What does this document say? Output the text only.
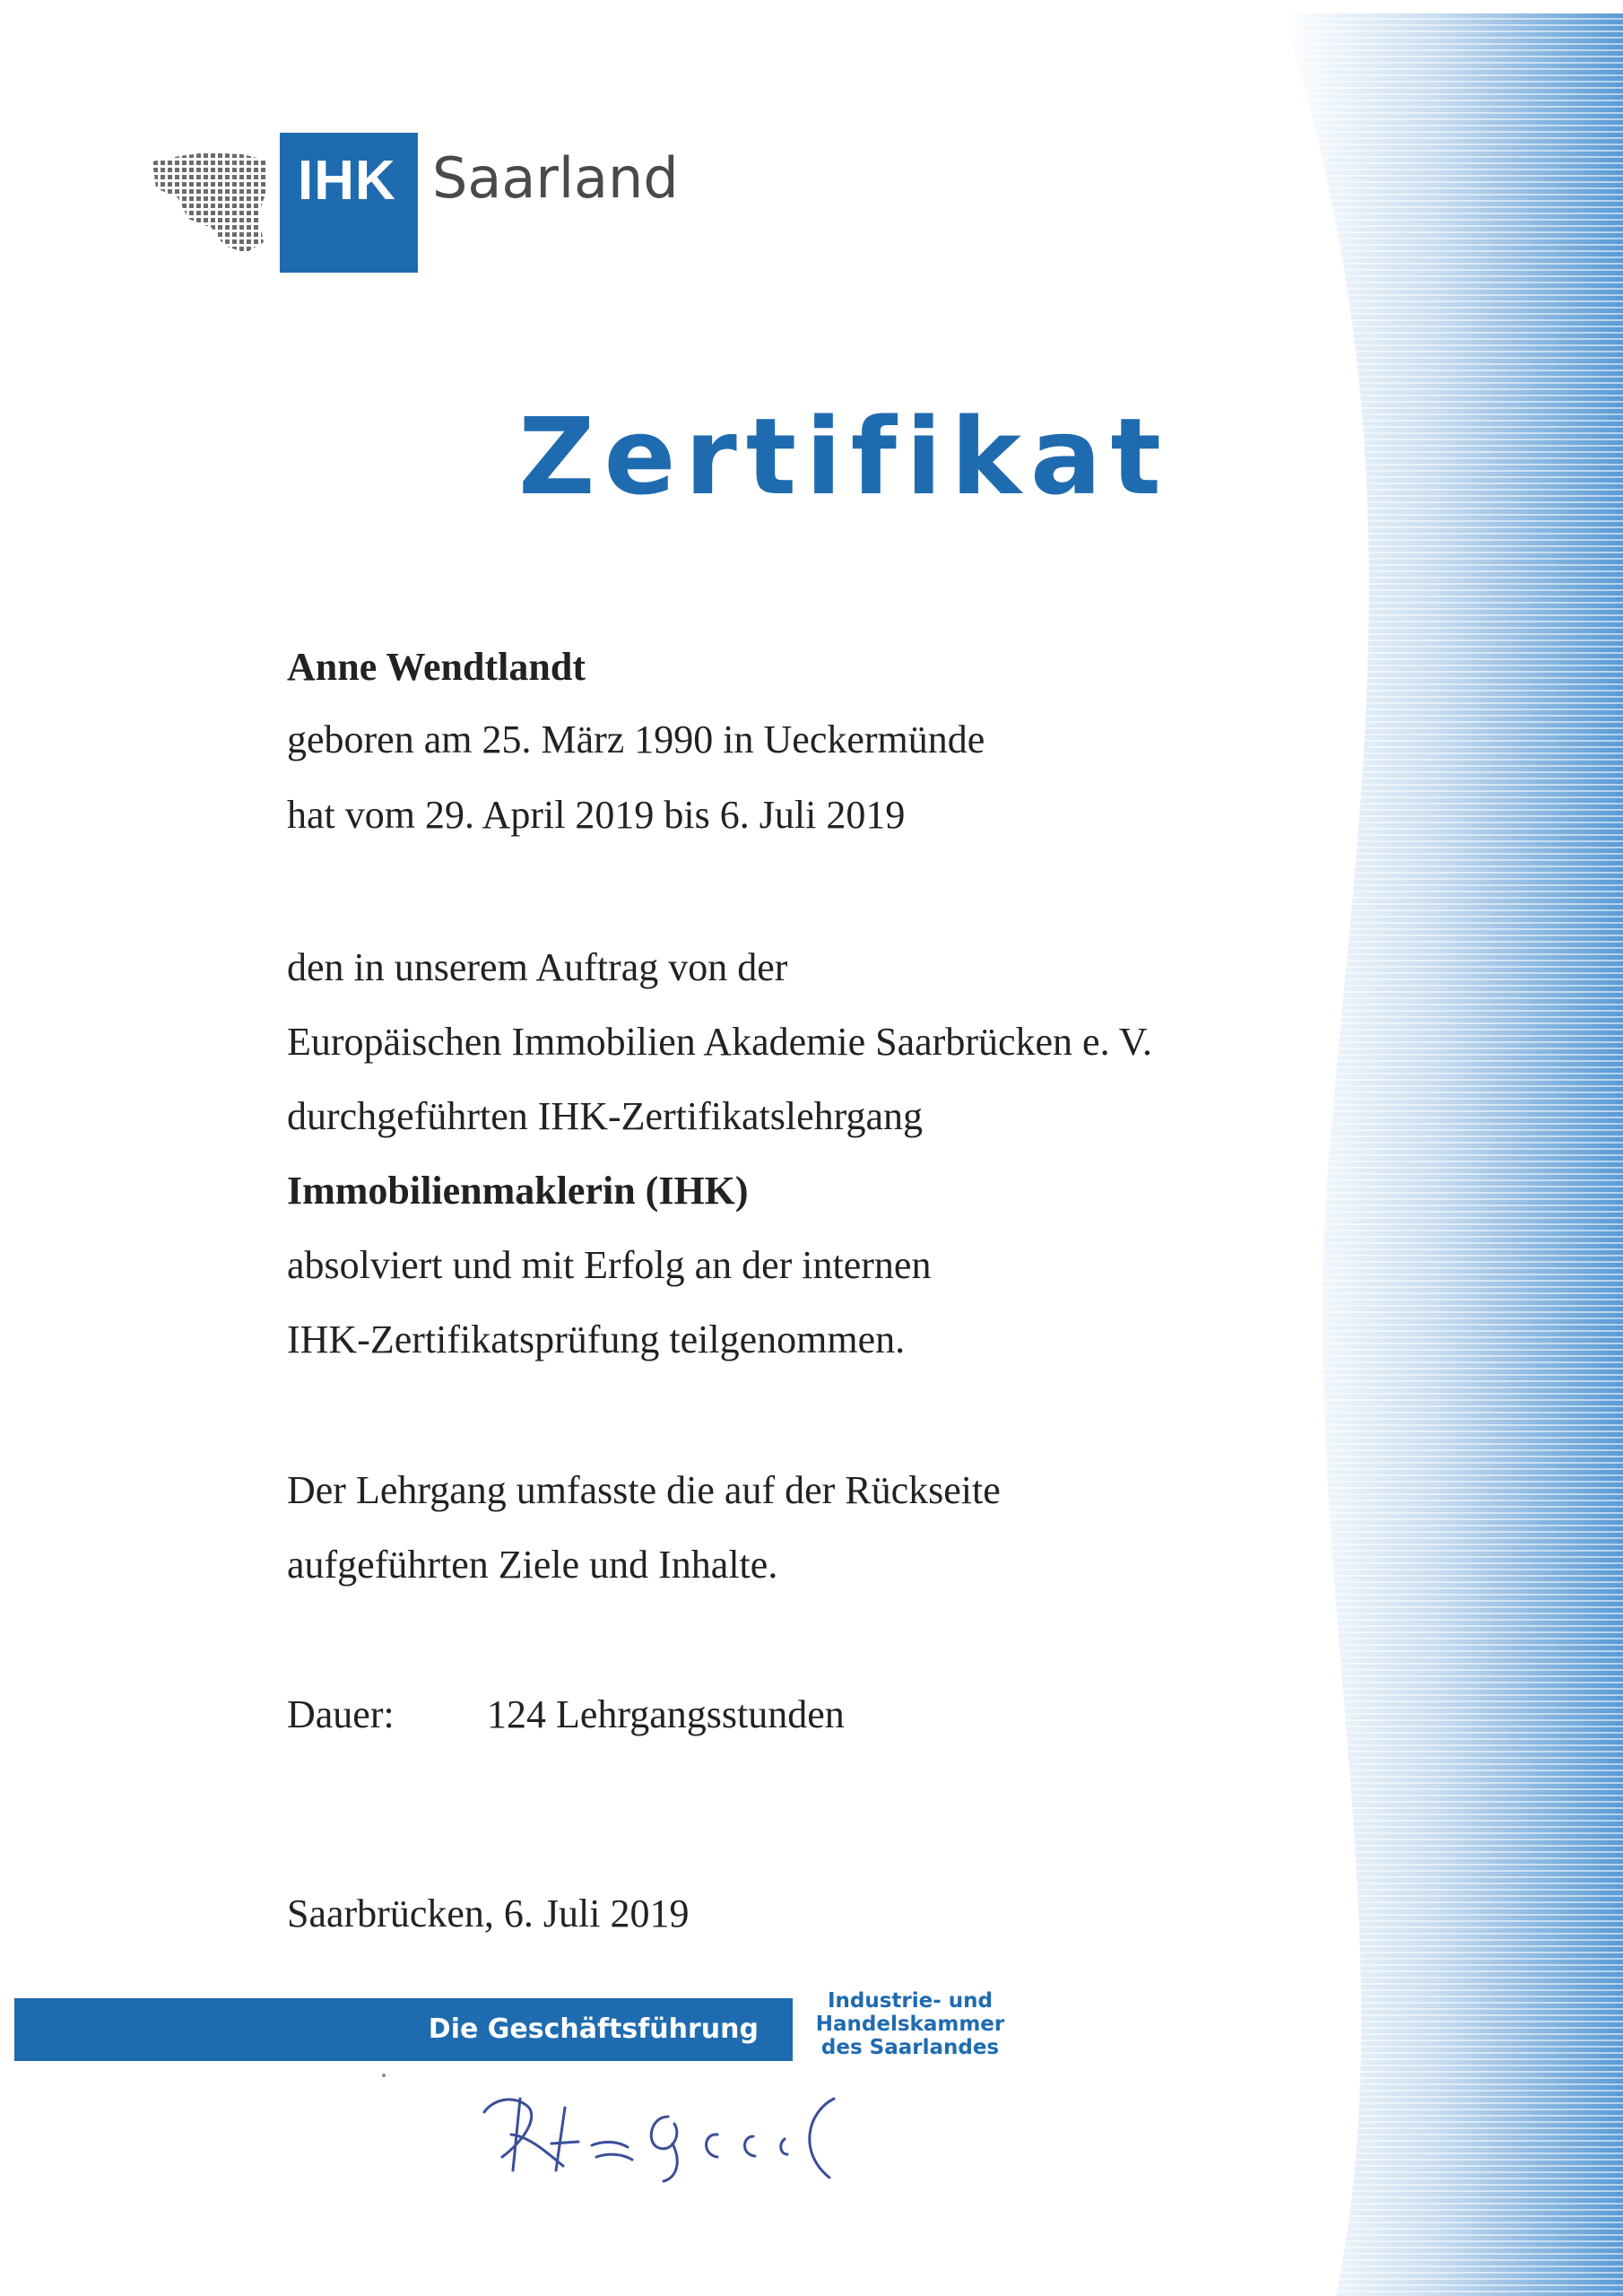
IHK Saarland
Zertifikat
Anne Wendtlandt
geboren am 25. März 1990 in Ueckermünde
hat vom 29. April 2019 bis 6. Juli 2019
den in unserem Auftrag von der
Europäischen Immobilien Akademie Saarbrücken e. V.
durchgeführten IHK-Zertifikatslehrgang
Immobilienmaklerin (IHK)
absolviert und mit Erfolg an der internen
IHK-Zertifikatsprüfung teilgenommen.
Der Lehrgang umfasste die auf der Rückseite
aufgeführten Ziele und Inhalte.
Dauer: 124 Lehrgangsstunden
Saarbrücken, 6. Juli 2019
Die Geschäftsführung
Industrie- und
Handelskammer
des Saarlandes
